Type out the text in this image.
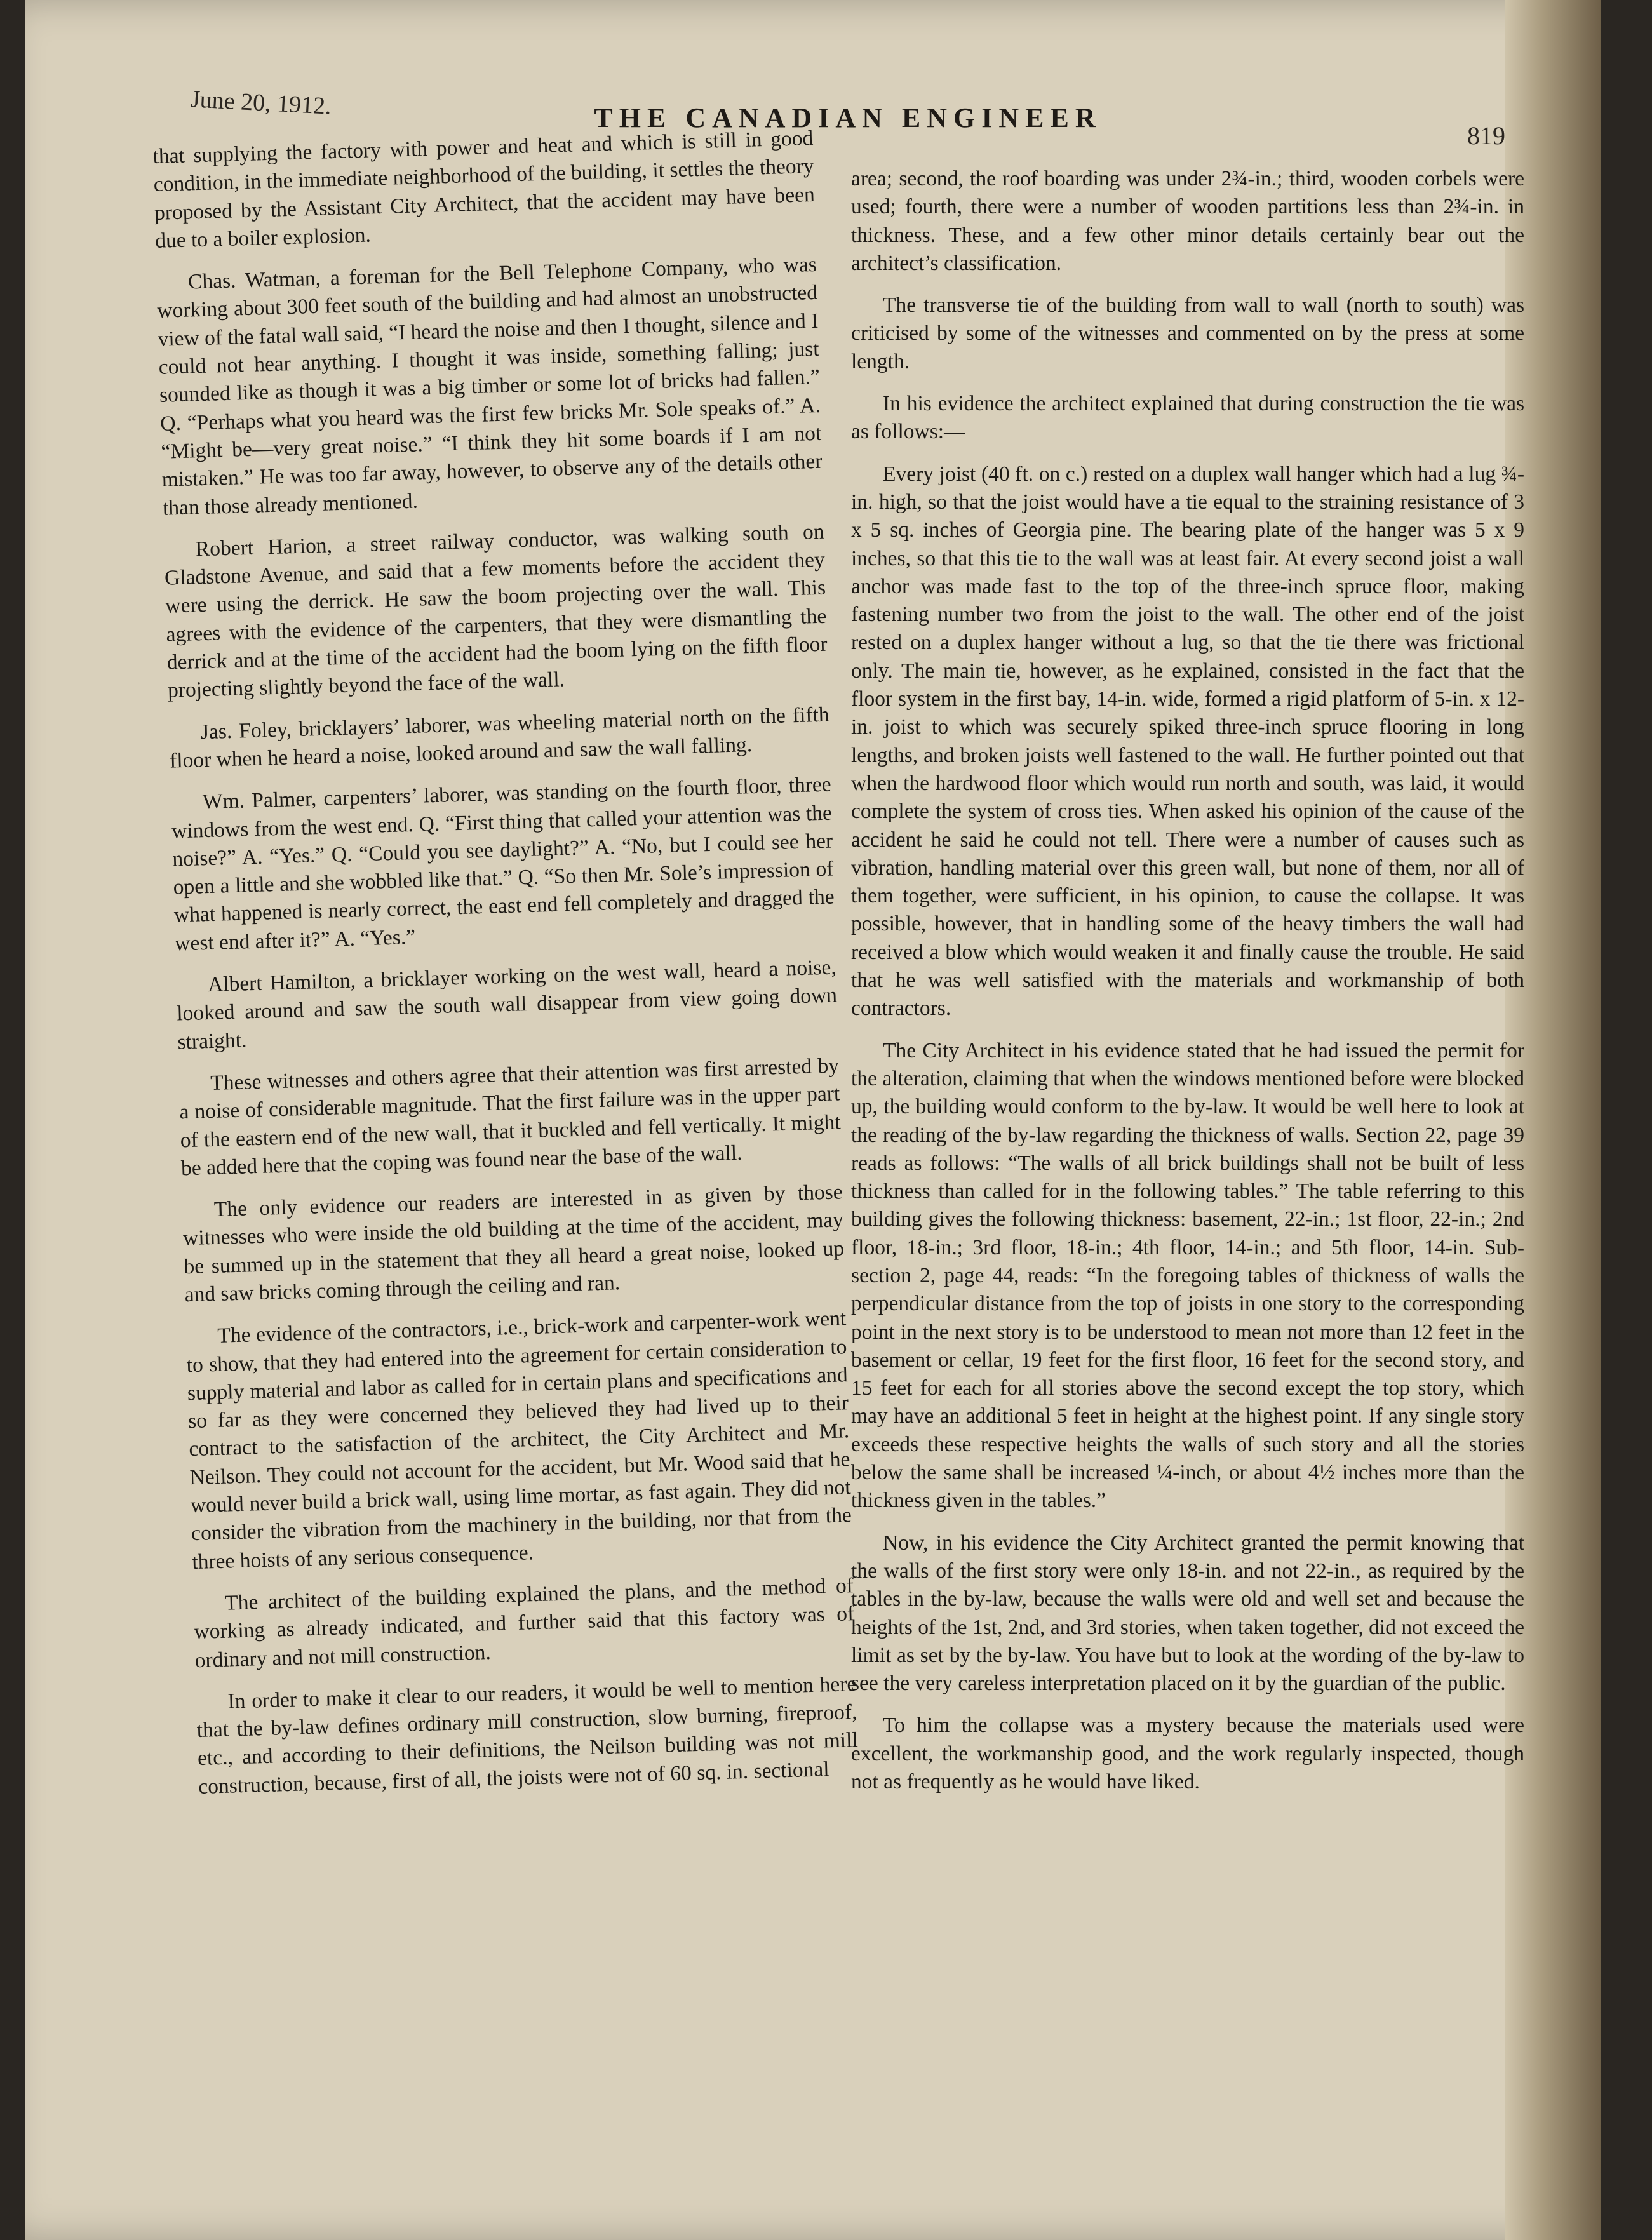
June 20, 1912.	THE CANADIAN ENGINEER
819

that supplying the factory with power and heat and which is still in good condition, in the immediate neighborhood of the building, it settles the theory proposed by the Assistant City Architect, that the accident may have been due to a boiler explosion.

Chas. Watman, a foreman for the Bell Telephone Company, who was working about 300 feet south of the building and had almost an unobstructed view of the fatal wall said, “I heard the noise and then I thought, silence and I could not hear anything. I thought it was inside, something falling; just sounded like as though it was a big timber or some lot of bricks had fallen.” Q. “Perhaps what you heard was the first few bricks Mr. Sole speaks of.” A. “Might be—very great noise.” “I think they hit some boards if I am not mistaken.” He was too far away, however, to observe any of the details other than those already mentioned.

Robert Harion, a street railway conductor, was walking south on Gladstone Avenue, and said that a few moments before the accident they were using the derrick. He saw the boom projecting over the wall. This agrees with the evidence of the carpenters, that they were dismantling the derrick and at the time of the accident had the boom lying on the fifth floor projecting slightly beyond the face of the wall.

Jas. Foley, bricklayers’ laborer, was wheeling material north on the fifth floor when he heard a noise, looked around and saw the wall falling.

Wm. Palmer, carpenters’ laborer, was standing on the fourth floor, three windows from the west end. Q. “First thing that called your attention was the noise?” A. “Yes.” Q. “Could you see daylight?” A. “No, but I could see her open a little and she wobbled like that.” Q. “So then Mr. Sole’s impression of what happened is nearly correct, the east end fell completely and dragged the west end after it?” A. “Yes.”

Albert Hamilton, a bricklayer working on the west wall, heard a noise, looked around and saw the south wall disappear from view going down straight.

These witnesses and others agree that their attention was first arrested by a noise of considerable magnitude. That the first failure was in the upper part of the eastern end of the new wall, that it buckled and fell vertically. It might be added here that the coping was found near the base of the wall.

The only evidence our readers are interested in as given by those witnesses who were inside the old building at the time of the accident, may be summed up in the statement that they all heard a great noise, looked up and saw bricks coming through the ceiling and ran.

The evidence of the contractors, i.e., brick-work and carpenter-work went to show, that they had entered into the agreement for certain consideration to supply material and labor as called for in certain plans and specifications and so far as they were concerned they believed they had lived up to their contract to the satisfaction of the architect, the City Architect and Mr. Neilson. They could not account for the accident, but Mr. Wood said that he would never build a brick wall, using lime mortar, as fast again. They did not consider the vibration from the machinery in the building, nor that from the three hoists of any serious consequence.

The architect of the building explained the plans, and the method of working as already indicated, and further said that this factory was of ordinary and not mill construction.

In order to make it clear to our readers, it would be well to mention here that the by-law defines ordinary mill construction, slow burning, fireproof, etc., and according to their definitions, the Neilson building was not mill construction, because, first of all, the joists were not of 60 sq. in. sectional

area; second, the roof boarding was under 2¾-in.; third, wooden corbels were used; fourth, there were a number of wooden partitions less than 2¾-in. in thickness. These, and a few other minor details certainly bear out the architect’s classification.

The transverse tie of the building from wall to wall (north to south) was criticised by some of the witnesses and commented on by the press at some length.

In his evidence the architect explained that during construction the tie was as follows:—

Every joist (40 ft. on c.) rested on a duplex wall hanger which had a lug ¾-in. high, so that the joist would have a tie equal to the straining resistance of 3 x 5 sq. inches of Georgia pine. The bearing plate of the hanger was 5 x 9 inches, so that this tie to the wall was at least fair. At every second joist a wall anchor was made fast to the top of the three-inch spruce floor, making fastening number two from the joist to the wall. The other end of the joist rested on a duplex hanger without a lug, so that the tie there was frictional only. The main tie, however, as he explained, consisted in the fact that the floor system in the first bay, 14-in. wide, formed a rigid platform of 5-in. x 12-in. joist to which was securely spiked three-inch spruce flooring in long lengths, and broken joists well fastened to the wall. He further pointed out that when the hardwood floor which would run north and south, was laid, it would complete the system of cross ties. When asked his opinion of the cause of the accident he said he could not tell. There were a number of causes such as vibration, handling material over this green wall, but none of them, nor all of them together, were sufficient, in his opinion, to cause the collapse. It was possible, however, that in handling some of the heavy timbers the wall had received a blow which would weaken it and finally cause the trouble. He said that he was well satisfied with the materials and workmanship of both contractors.

The City Architect in his evidence stated that he had issued the permit for the alteration, claiming that when the windows mentioned before were blocked up, the building would conform to the by-law. It would be well here to look at the reading of the by-law regarding the thickness of walls. Section 22, page 39 reads as follows: “The walls of all brick buildings shall not be built of less thickness than called for in the following tables.” The table referring to this building gives the following thickness: basement, 22-in.; 1st floor, 22-in.; 2nd floor, 18-in.; 3rd floor, 18-in.; 4th floor, 14-in.; and 5th floor, 14-in. Sub-section 2, page 44, reads: “In the foregoing tables of thickness of walls the perpendicular distance from the top of joists in one story to the corresponding point in the next story is to be understood to mean not more than 12 feet in the basement or cellar, 19 feet for the first floor, 16 feet for the second story, and 15 feet for each for all stories above the second except the top story, which may have an additional 5 feet in height at the highest point. If any single story exceeds these respective heights the walls of such story and all the stories below the same shall be increased ¼-inch, or about 4½ inches more than the thickness given in the tables.”

Now, in his evidence the City Architect granted the permit knowing that the walls of the first story were only 18-in. and not 22-in., as required by the tables in the by-law, because the walls were old and well set and because the heights of the 1st, 2nd, and 3rd stories, when taken together, did not exceed the limit as set by the by-law. You have but to look at the wording of the by-law to see the very careless interpretation placed on it by the guardian of the public.

To him the collapse was a mystery because the materials used were excellent, the workmanship good, and the work regularly inspected, though not as frequently as he would have liked.
